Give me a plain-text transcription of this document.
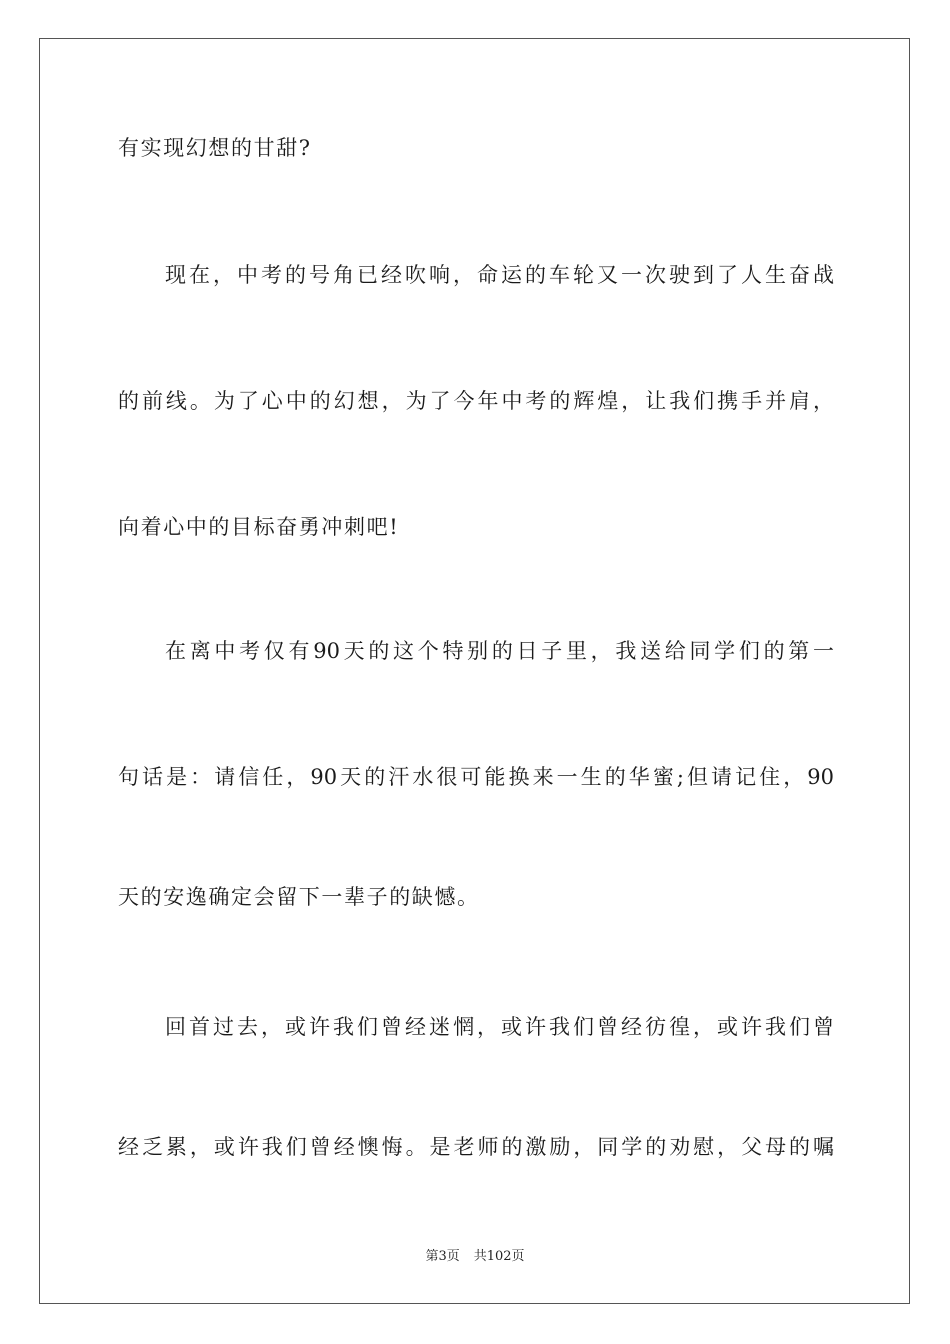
有实现幻想的甘甜?
现在，中考的号角已经吹响，命运的车轮又一次驶到了人生奋战
的前线。为了心中的幻想，为了今年中考的辉煌，让我们携手并肩，
向着心中的目标奋勇冲刺吧!
在离中考仅有90天的这个特别的日子里，我送给同学们的第一
句话是：请信任，90天的汗水很可能换来一生的华蜜;但请记住，90
天的安逸确定会留下一辈子的缺憾。
回首过去，或许我们曾经迷惘，或许我们曾经彷徨，或许我们曾
经乏累，或许我们曾经懊悔。是老师的激励，同学的劝慰，父母的嘱
第3页 共102页
